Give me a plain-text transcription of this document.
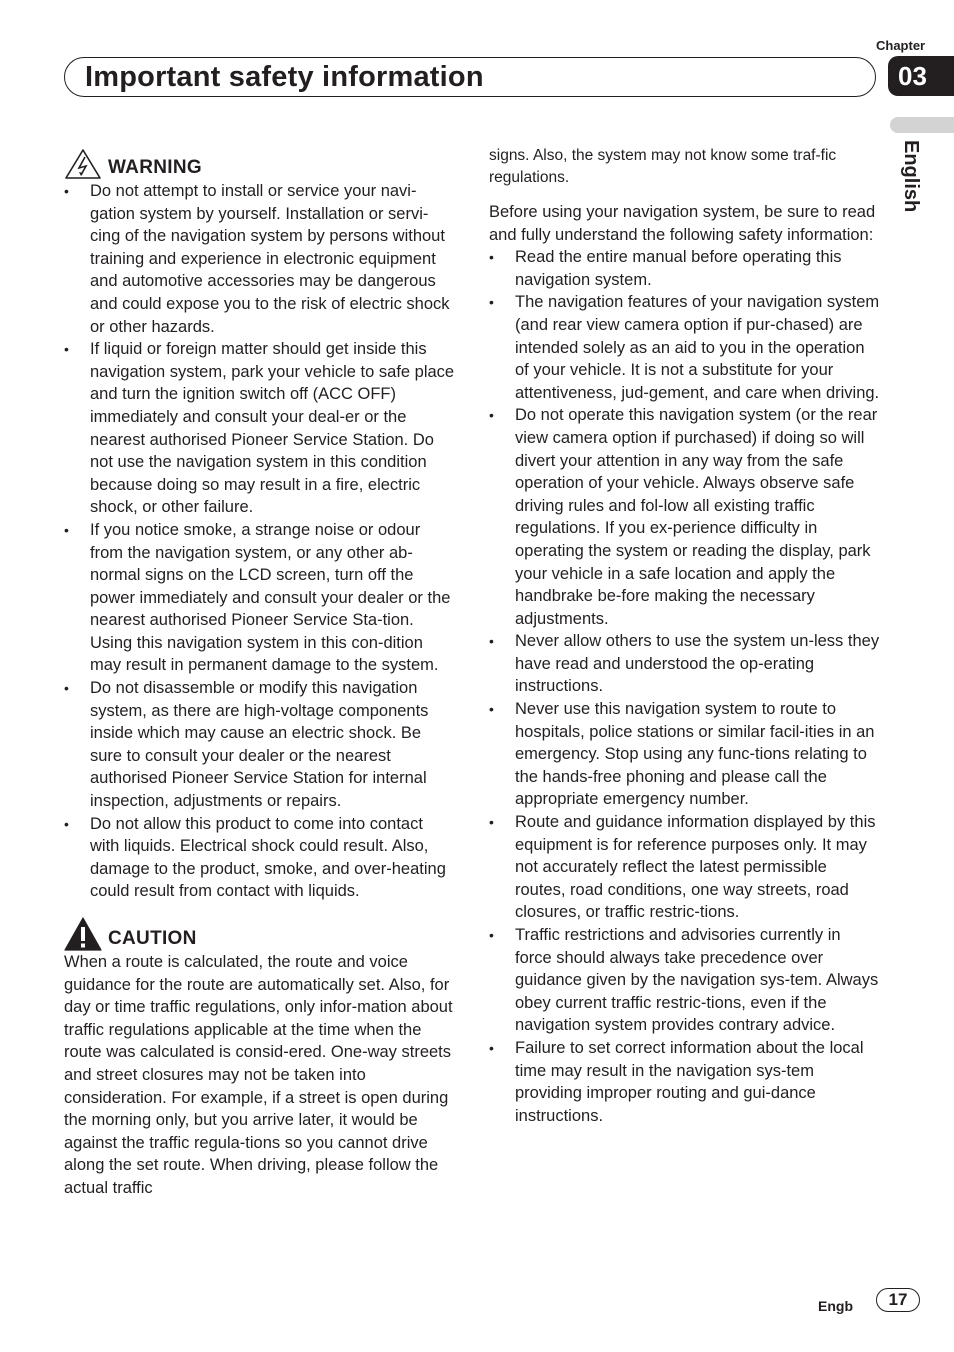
Chapter
03
Important safety information
English
WARNING
• Do not attempt to install or service your navi-gation system by yourself. Installation or servi-cing of the navigation system by persons without training and experience in electronic equipment and automotive accessories may be dangerous and could expose you to the risk of electric shock or other hazards.
• If liquid or foreign matter should get inside this navigation system, park your vehicle to safe place and turn the ignition switch off (ACC OFF) immediately and consult your deal-er or the nearest authorised Pioneer Service Station. Do not use the navigation system in this condition because doing so may result in a fire, electric shock, or other failure.
• If you notice smoke, a strange noise or odour from the navigation system, or any other ab-normal signs on the LCD screen, turn off the power immediately and consult your dealer or the nearest authorised Pioneer Service Sta-tion. Using this navigation system in this con-dition may result in permanent damage to the system.
• Do not disassemble or modify this navigation system, as there are high-voltage components inside which may cause an electric shock. Be sure to consult your dealer or the nearest authorised Pioneer Service Station for internal inspection, adjustments or repairs.
• Do not allow this product to come into contact with liquids. Electrical shock could result. Also, damage to the product, smoke, and over-heating could result from contact with liquids.
CAUTION

When a route is calculated, the route and voice guidance for the route are automatically set. Also, for day or time traffic regulations, only infor-mation about traffic regulations applicable at the time when the route was calculated is consid-ered. One-way streets and street closures may not be taken into consideration. For example, if a street is open during the morning only, but you arrive later, it would be against the traffic regula-tions so you cannot drive along the set route. When driving, please follow the actual traffic

signs. Also, the system may not know some traf-fic regulations.

Before using your navigation system, be sure to read and fully understand the following safety information:

• Read the entire manual before operating this navigation system.
• The navigation features of your navigation system (and rear view camera option if pur-chased) are intended solely as an aid to you in the operation of your vehicle. It is not a substitute for your attentiveness, jud-gement, and care when driving.
• Do not operate this navigation system (or the rear view camera option if purchased) if doing so will divert your attention in any way from the safe operation of your vehicle. Always observe safe driving rules and fol-low all existing traffic regulations. If you ex-perience difficulty in operating the system or reading the display, park your vehicle in a safe location and apply the handbrake be-fore making the necessary adjustments.
• Never allow others to use the system un-less they have read and understood the op-erating instructions.
• Never use this navigation system to route to hospitals, police stations or similar facil-ities in an emergency. Stop using any func-tions relating to the hands-free phoning and please call the appropriate emergency number.
• Route and guidance information displayed by this equipment is for reference purposes only. It may not accurately reflect the latest permissible routes, road conditions, one way streets, road closures, or traffic restric-tions.
• Traffic restrictions and advisories currently in force should always take precedence over guidance given by the navigation sys-tem. Always obey current traffic restric-tions, even if the navigation system provides contrary advice.
• Failure to set correct information about the local time may result in the navigation sys-tem providing improper routing and gui-dance instructions.
Engb	17
